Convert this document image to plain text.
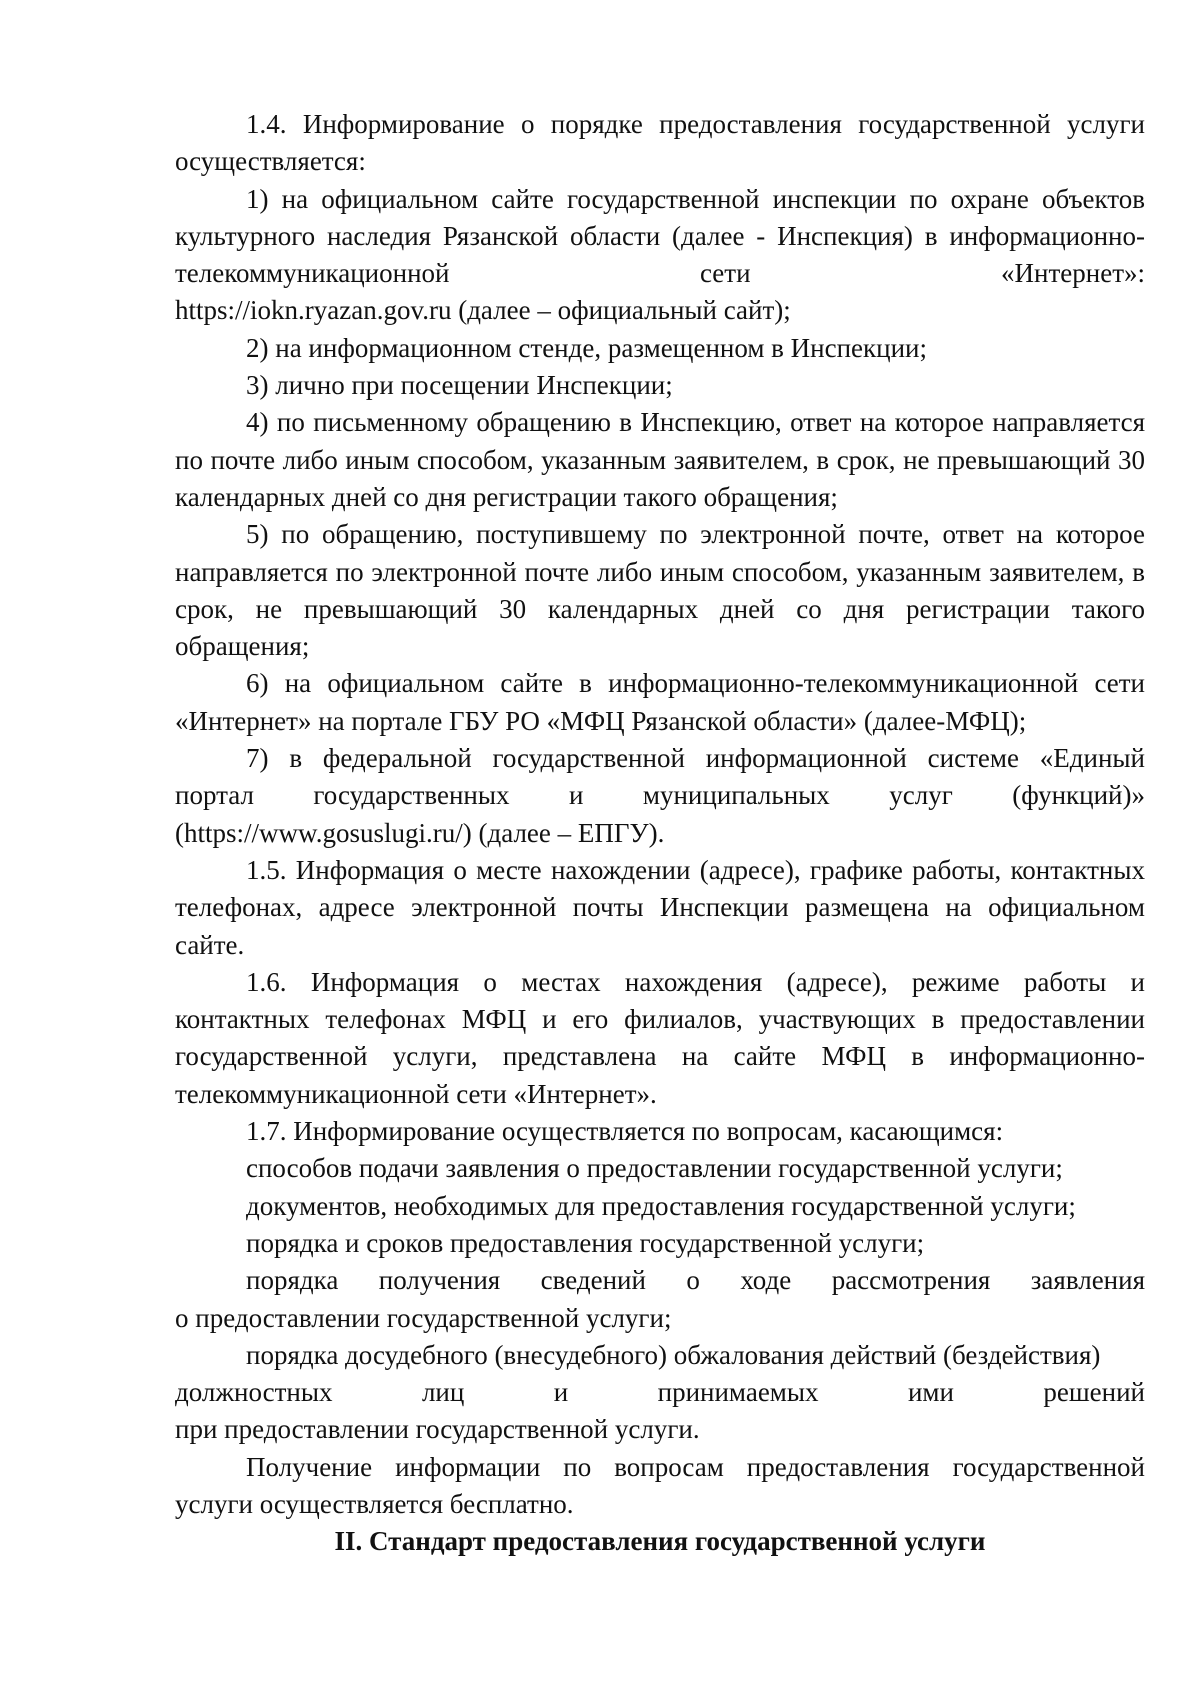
1.4. Информирование о порядке предоставления государственной услуги осуществляется:

1) на официальном сайте государственной инспекции по охране объектов культурного наследия Рязанской области (далее - Инспекция) в информационно-телекоммуникационной сети «Интернет»:

https://iokn.ryazan.gov.ru (далее – официальный сайт);

2) на информационном стенде, размещенном в Инспекции;

3) лично при посещении Инспекции;

4) по письменному обращению в Инспекцию, ответ на которое направляется по почте либо иным способом, указанным заявителем, в срок, не превышающий 30 календарных дней со дня регистрации такого обращения;

5) по обращению, поступившему по электронной почте, ответ на которое направляется по электронной почте либо иным способом, указанным заявителем, в срок, не превышающий 30 календарных дней со дня регистрации такого обращения;

6) на официальном сайте в информационно-телекоммуникационной сети «Интернет» на портале ГБУ РО «МФЦ Рязанской области» (далее-МФЦ);

7) в федеральной государственной информационной системе «Единый портал государственных и муниципальных услуг (функций)»

(https://www.gosuslugi.ru/) (далее – ЕПГУ).

1.5. Информация о месте нахождении (адресе), графике работы, контактных телефонах, адресе электронной почты Инспекции размещена на официальном сайте.

1.6. Информация о местах нахождения (адресе), режиме работы и контактных телефонах МФЦ и его филиалов, участвующих в предоставлении государственной услуги, представлена на сайте МФЦ в информационно-телекоммуникационной сети «Интернет».

1.7. Информирование осуществляется по вопросам, касающимся:

способов подачи заявления о предоставлении государственной услуги;

документов, необходимых для предоставления государственной услуги;

порядка и сроков предоставления государственной услуги;

порядка получения сведений о ходе рассмотрения заявления

о предоставлении государственной услуги;

порядка досудебного (внесудебного) обжалования действий (бездействия)

должностных лиц и принимаемых ими решений

при предоставлении государственной услуги.

Получение информации по вопросам предоставления государственной услуги осуществляется бесплатно.

II. Стандарт предоставления государственной услуги
